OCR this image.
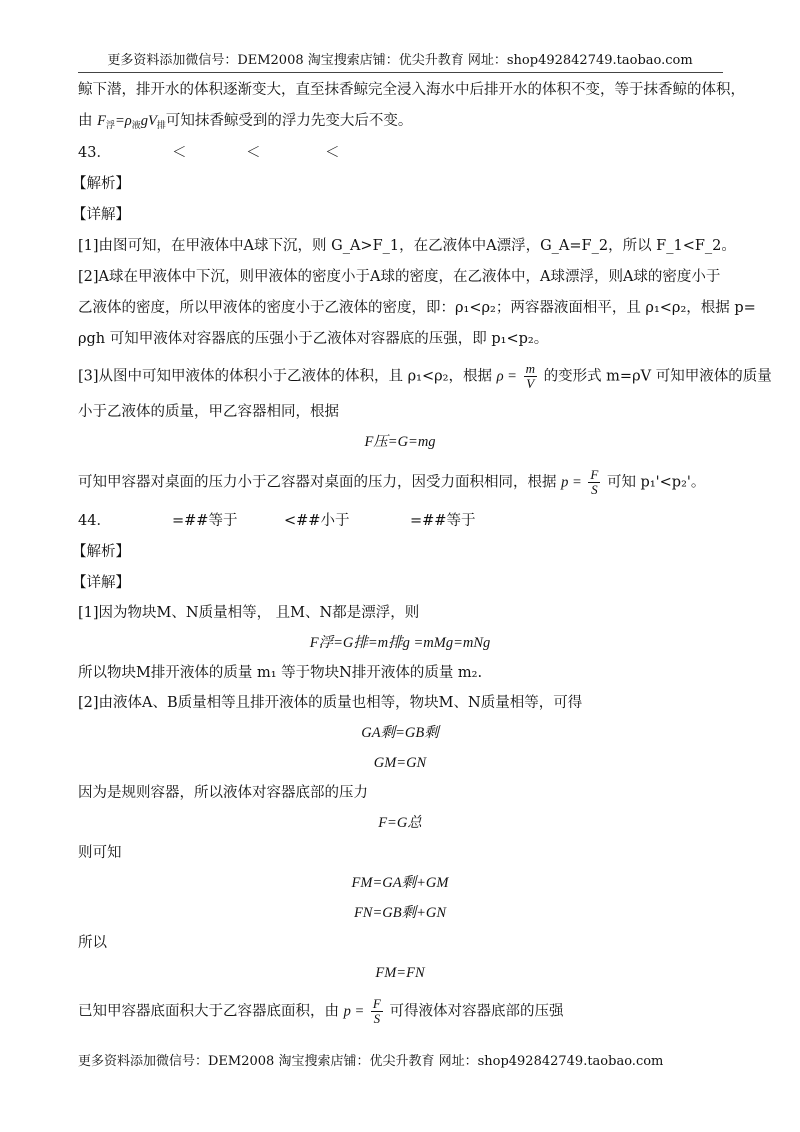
更多资料添加微信号：DEM2008 淘宝搜索店铺：优尖升教育 网址：shop492842749.taobao.com
鲸下潜，排开水的体积逐渐变大，直至抹香鲸完全浸入海水中后排开水的体积不变，等于抹香鲸的体积，
由 $F_浮=\rho_液gV_排$可知抹香鲸受到的浮力先变大后不变。
43．	＜	＜	＜
【解析】
【详解】
[1]由图可知，在甲液体中A球下沉，则 G_A>F_1，在乙液体中A漂浮，G_A=F_2，所以 F_1<F_2。
[2]A球在甲液体中下沉，则甲液体的密度小于A球的密度，在乙液体中，A球漂浮，则A球的密度小于
乙液体的密度，所以甲液体的密度小于乙液体的密度，即：ρ₁<ρ₂；两容器液面相平，且 ρ₁<ρ₂，根据 p=
ρgh 可知甲液体对容器底的压强小于乙液体对容器底的压强，即 p₁<p₂。
[3]从图中可知甲液体的体积小于乙液体的体积，且 ρ₁<ρ₂，根据 $\rho = \frac{m}{V}$ 的变形式 m=ρV 可知甲液体的质量
小于乙液体的质量，甲乙容器相同，根据
F压=G=mg
可知甲容器对桌面的压力小于乙容器对桌面的压力，因受力面积相同，根据 $p = \frac{F}{S}$ 可知 p₁'<p₂'。
44．	=##等于	<##小于	=##等于
【解析】
【详解】
[1]因为物块M、N质量相等， 且M、N都是漂浮，则
F浮=G排=m排g =mMg=mNg
所以物块M排开液体的质量 m₁ 等于物块N排开液体的质量 m₂.
[2]由液体A、B质量相等且排开液体的质量也相等，物块M、N质量相等，可得
GA剩=GB剩
GM=GN
因为是规则容器，所以液体对容器底部的压力
F=G总
则可知
FM=GA剩+GM
FN=GB剩+GN
所以
FM=FN
已知甲容器底面积大于乙容器底面积，由 $p = \frac{F}{S}$ 可得液体对容器底部的压强
更多资料添加微信号：DEM2008 淘宝搜索店铺：优尖升教育 网址：shop492842749.taobao.com
